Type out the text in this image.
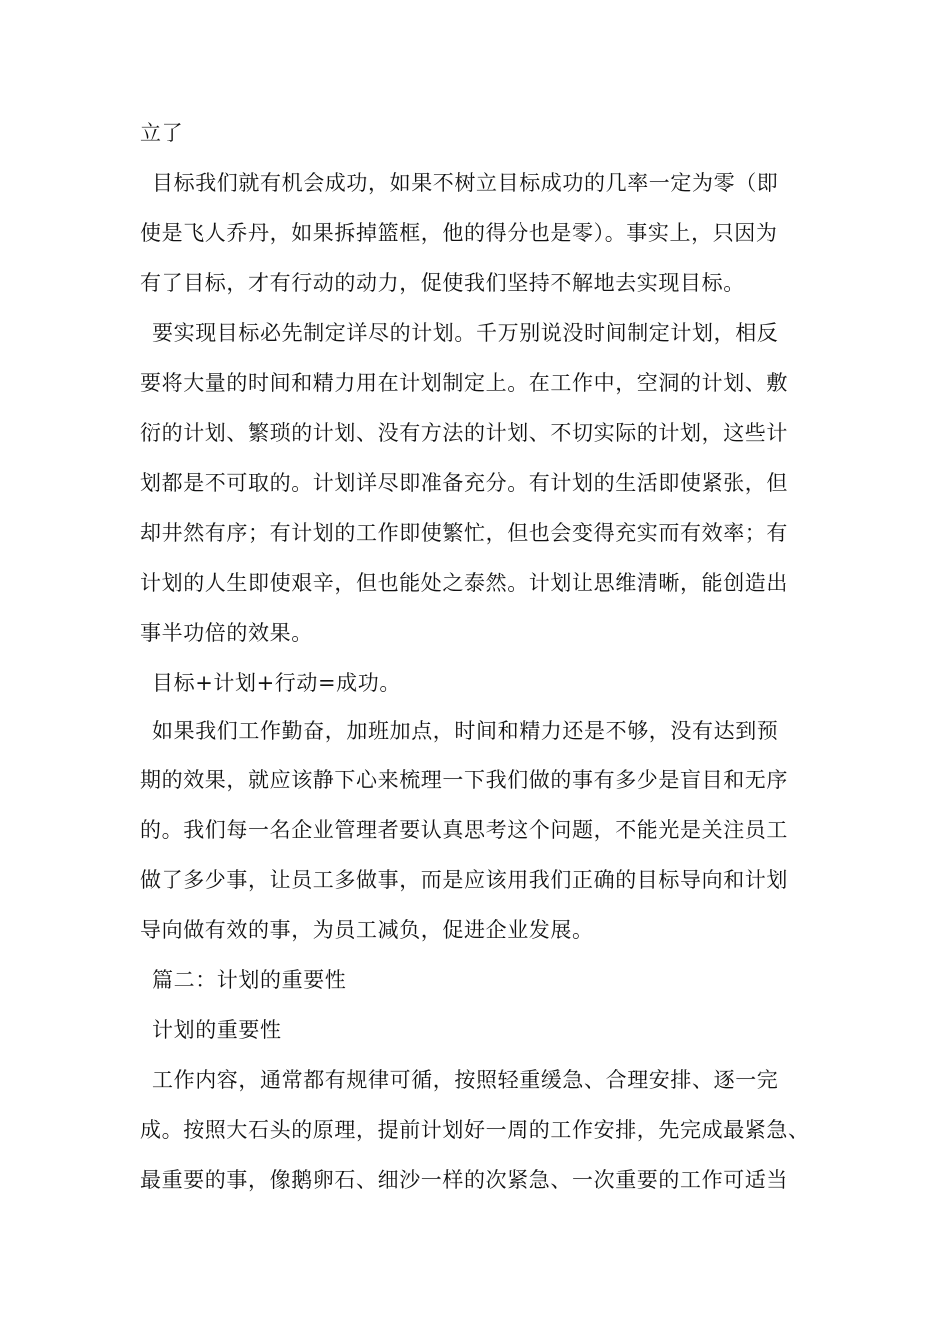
立了
目标我们就有机会成功，如果不树立目标成功的几率一定为零（即
使是飞人乔丹，如果拆掉篮框，他的得分也是零）。事实上，只因为
有了目标，才有行动的动力，促使我们坚持不解地去实现目标。
要实现目标必先制定详尽的计划。千万别说没时间制定计划，相反
要将大量的时间和精力用在计划制定上。在工作中，空洞的计划、敷
衍的计划、繁琐的计划、没有方法的计划、不切实际的计划，这些计
划都是不可取的。计划详尽即准备充分。有计划的生活即使紧张，但
却井然有序；有计划的工作即使繁忙，但也会变得充实而有效率；有
计划的人生即使艰辛，但也能处之泰然。计划让思维清晰，能创造出
事半功倍的效果。
目标+计划+行动=成功。
如果我们工作勤奋，加班加点，时间和精力还是不够，没有达到预
期的效果，就应该静下心来梳理一下我们做的事有多少是盲目和无序
的。我们每一名企业管理者要认真思考这个问题，不能光是关注员工
做了多少事，让员工多做事，而是应该用我们正确的目标导向和计划
导向做有效的事，为员工减负，促进企业发展。
篇二：计划的重要性
计划的重要性
工作内容，通常都有规律可循，按照轻重缓急、合理安排、逐一完
成。按照大石头的原理，提前计划好一周的工作安排，先完成最紧急、
最重要的事，像鹅卵石、细沙一样的次紧急、一次重要的工作可适当
